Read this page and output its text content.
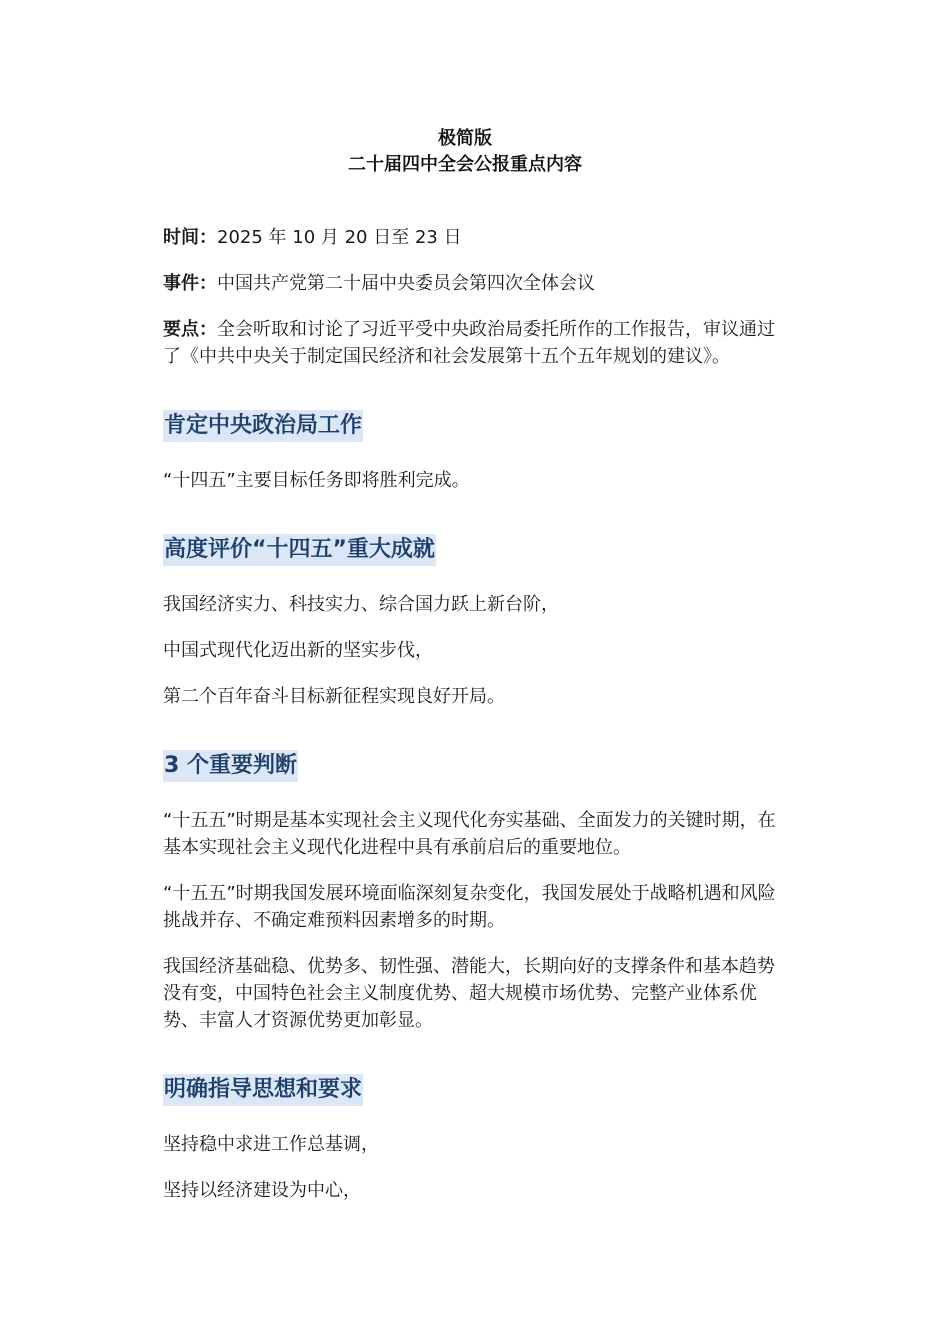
极简版
二十届四中全会公报重点内容

时间：2025 年 10 月 20 日至 23 日

事件：中国共产党第二十届中央委员会第四次全体会议

要点：全会听取和讨论了习近平受中央政治局委托所作的工作报告，审议通过了《中共中央关于制定国民经济和社会发展第十五个五年规划的建议》。

肯定中央政治局工作

“十四五”主要目标任务即将胜利完成。

高度评价“十四五”重大成就

我国经济实力、科技实力、综合国力跃上新台阶，

中国式现代化迈出新的坚实步伐，

第二个百年奋斗目标新征程实现良好开局。

3 个重要判断

“十五五”时期是基本实现社会主义现代化夯实基础、全面发力的关键时期，在基本实现社会主义现代化进程中具有承前启后的重要地位。

“十五五”时期我国发展环境面临深刻复杂变化，我国发展处于战略机遇和风险挑战并存、不确定难预料因素增多的时期。

我国经济基础稳、优势多、韧性强、潜能大，长期向好的支撑条件和基本趋势没有变，中国特色社会主义制度优势、超大规模市场优势、完整产业体系优势、丰富人才资源优势更加彰显。

明确指导思想和要求

坚持稳中求进工作总基调，

坚持以经济建设为中心，
